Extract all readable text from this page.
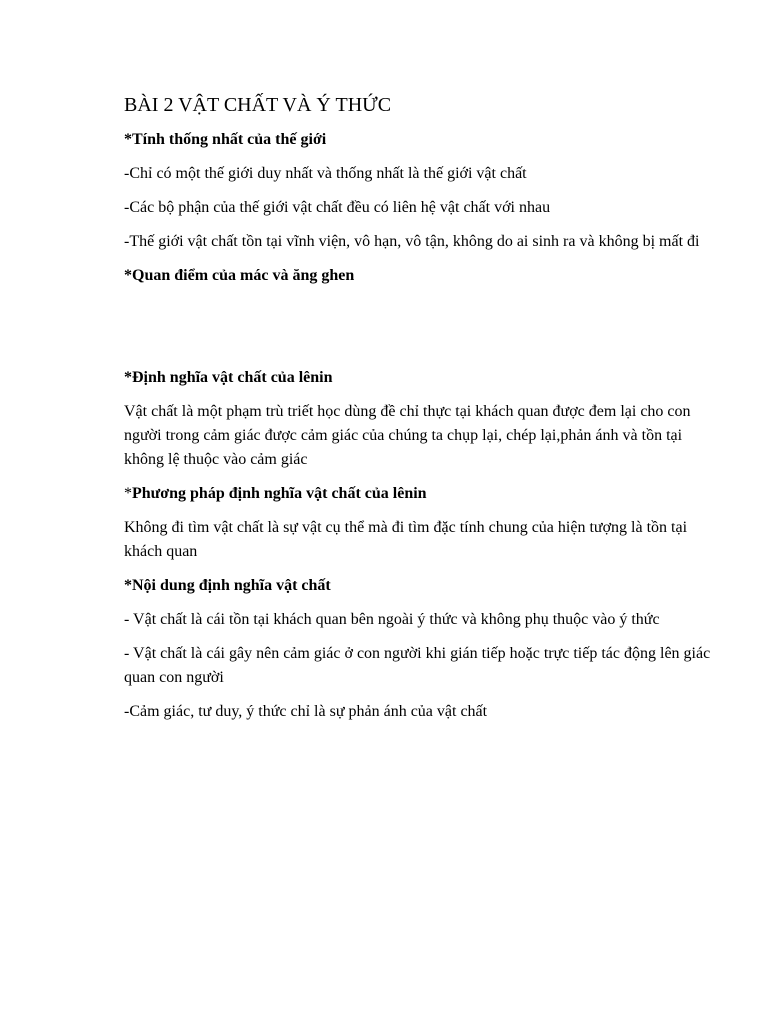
BÀI 2 VẬT CHẤT VÀ Ý THỨC

*Tính thống nhất của thế giới

-Chỉ có một thế giới duy nhất và thống nhất là thế giới vật chất

-Các bộ phận của thế giới vật chất đều có liên hệ vật chất với nhau

-Thế giới vật chất tồn tại vĩnh viện, vô hạn, vô tận, không do ai sinh ra và không bị mất đi

*Quan điểm của mác và ăng ghen

*Định nghĩa vật chất của lênin

Vật chất là một phạm trù triết học dùng đề chỉ thực tại khách quan được đem lại cho con người trong cảm giác được cảm giác của chúng ta chụp lại, chép lại,phản ánh và tồn tại không lệ thuộc vào cảm giác

*Phương pháp định nghĩa vật chất của lênin

Không đi tìm vật chất là sự vật cụ thể mà đi tìm đặc tính chung của hiện tượng là tồn tại khách quan

*Nội dung định nghĩa vật chất

- Vật chất là cái tồn tại khách quan bên ngoài ý thức và không phụ thuộc vào ý thức

- Vật chất là cái gây nên cảm giác ở con người khi gián tiếp hoặc trực tiếp tác động lên giác quan con người

-Cảm giác, tư duy, ý thức chỉ là sự phản ánh của vật chất
